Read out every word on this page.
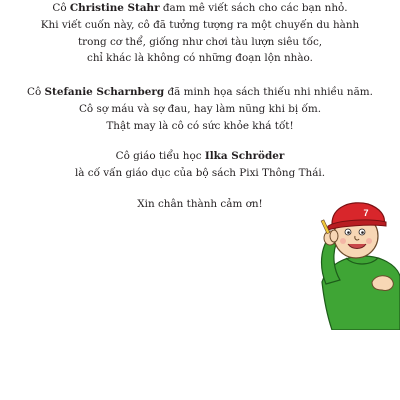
Cô Christine Stahr đam mê viết sách cho các bạn nhỏ.

Khi viết cuốn này, cô đã tưởng tượng ra một chuyến du hành

trong cơ thể, giống như chơi tàu lượn siêu tốc,

chỉ khác là không có những đoạn lộn nhào.

Cô Stefanie Scharnberg đã minh họa sách thiếu nhi nhiều năm.

Cô sợ máu và sợ đau, hay làm nũng khi bị ốm.

Thật may là cô có sức khỏe khá tốt!

Cô giáo tiểu học Ilka Schröder

là cố vấn giáo dục của bộ sách Pixi Thông Thái.

Xin chân thành cảm ơn!

7
